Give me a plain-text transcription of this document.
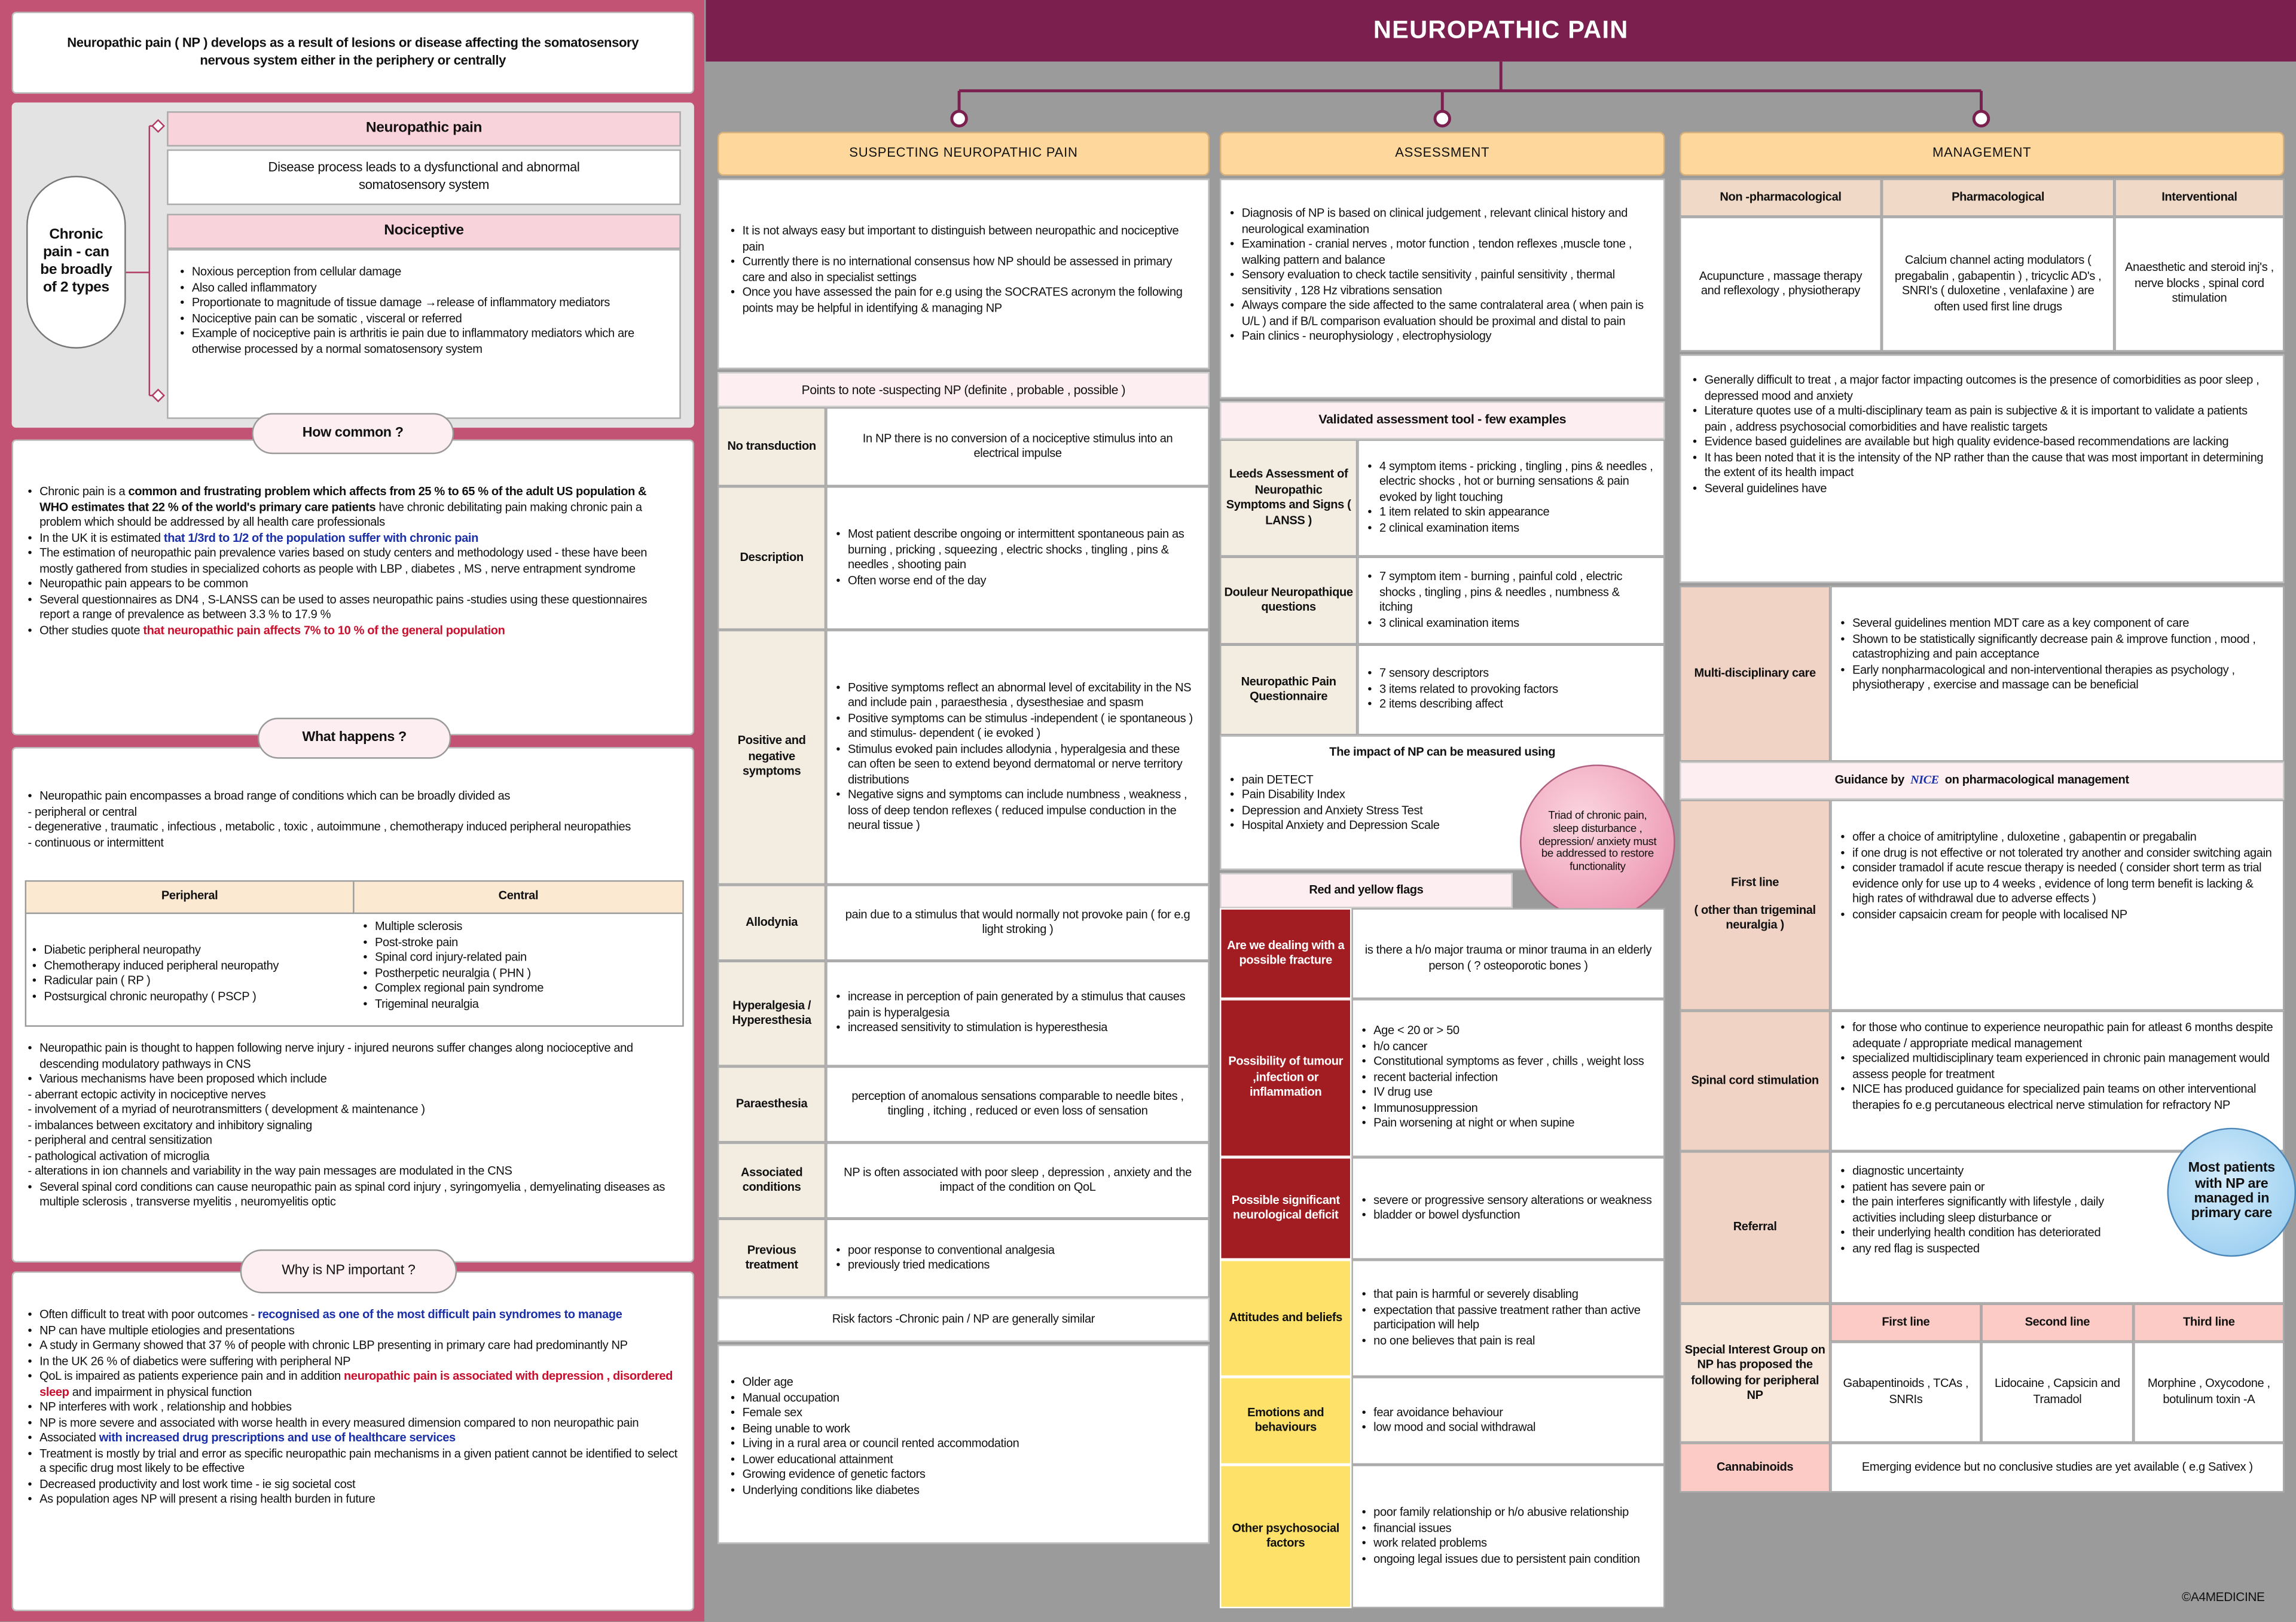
NEUROPATHIC PAIN
Neuropathic pain ( NP ) develops as a result of lesions or disease affecting the somatosensory nervous system either in the periphery or centrally
Chronic pain - can be broadly of 2 types
Neuropathic pain
Disease process leads to a dysfunctional and abnormal somatosensory system
Nociceptive
• Noxious perception from cellular damage
• Also called inflammatory
• Proportionate to magnitude of tissue damage →release of inflammatory mediators
• Nociceptive pain can be somatic , visceral or referred
• Example of nociceptive pain is arthritis ie pain due to inflammatory mediators which are otherwise processed by a normal somatosensory system
• Chronic pain is a common and frustrating problem which affects from 25 % to 65 % of the adult US population & WHO estimates that 22 % of the world's primary care patients have chronic debilitating pain making chronic pain a problem which should be addressed by all health care professionals
• In the UK it is estimated that 1/3rd to 1/2 of the population suffer with chronic pain
• The estimation of neuropathic pain prevalence varies based on study centers and methodology used - these have been mostly gathered from studies in specialized cohorts as people with LBP , diabetes , MS , nerve entrapment syndrome
• Neuropathic pain appears to be common
• Several questionnaires as DN4 , S-LANSS can be used to asses neuropathic pains -studies using these questionnaires report a range of prevalence as between 3.3 % to 17.9 %
• Other studies quote that neuropathic pain affects 7% to 10 % of the general population
How common ?
• Neuropathic pain encompasses a broad range of conditions which can be broadly divided as
- peripheral or central
- degenerative , traumatic , infectious , metabolic , toxic , autoimmune , chemotherapy induced peripheral neuropathies
- continuous or intermittent
Peripheral	Central
• Diabetic peripheral neuropathy
• Chemotherapy induced peripheral neuropathy
• Radicular pain ( RP )
• Postsurgical chronic neuropathy ( PSCP )
• Multiple sclerosis
• Post-stroke pain
• Spinal cord injury-related pain
• Postherpetic neuralgia ( PHN )
• Complex regional pain syndrome
• Trigeminal neuralgia
• Neuropathic pain is thought to happen following nerve injury - injured neurons suffer changes along nocioceptive and descending modulatory pathways in CNS
• Various mechanisms have been proposed which include
- aberrant ectopic activity in nociceptive nerves
- involvement of a myriad of neurotransmitters ( development & maintenance )
- imbalances between excitatory and inhibitory signaling
- peripheral and central sensitization
- pathological activation of microglia
- alterations in ion channels and variability in the way pain messages are modulated in the CNS
• Several spinal cord conditions can cause neuropathic pain as spinal cord injury , syringomyelia , demyelinating diseases as multiple sclerosis , transverse myelitis , neuromyelitis optic
What happens ?
• Often difficult to treat with poor outcomes - recognised as one of the most difficult pain syndromes to manage
• NP can have multiple etiologies and presentations
• A study in Germany showed that 37 % of people with chronic LBP presenting in primary care had predominantly NP
• In the UK 26 % of diabetics were suffering with peripheral NP
• QoL is impaired as patients experience pain and in addition neuropathic pain is associated with depression , disordered sleep and impairment in physical function
• NP interferes with work , relationship and hobbies
• NP is more severe and associated with worse health in every measured dimension compared to non neuropathic pain
• Associated with increased drug prescriptions and use of healthcare services
• Treatment is mostly by trial and error as specific neuropathic pain mechanisms in a given patient cannot be identified to select a specific drug most likely to be effective
• Decreased productivity and lost work time - ie sig societal cost
• As population ages NP will present a rising health burden in future
Why is NP important ?
SUSPECTING NEUROPATHIC PAIN
• It is not always easy but important to distinguish between neuropathic and nociceptive pain
• Currently there is no international consensus how NP should be assessed in primary care and also in specialist settings
• Once you have assessed the pain for e.g using the SOCRATES acronym the following points may be helpful in identifying & managing NP
Points to note -suspecting NP (definite , probable , possible )
Risk factors -Chronic pain / NP are generally similar
• Older age
• Manual occupation
• Female sex
• Being unable to work
• Living in a rural area or council rented accommodation
• Lower educational attainment
• Growing evidence of genetic factors
• Underlying conditions like diabetes
ASSESSMENT
• Diagnosis of NP is based on clinical judgement , relevant clinical history and neurological examination
• Examination - cranial nerves , motor function , tendon reflexes ,muscle tone , walking pattern and balance
• Sensory evaluation to check tactile sensitivity , painful sensitivity , thermal sensitivity , 128 Hz vibrations sensation
• Always compare the side affected to the same contralateral area ( when pain is U/L ) and if B/L comparison evaluation should be proximal and distal to pain
• Pain clinics - neurophysiology , electrophysiology
Validated assessment tool - few examples
The impact of NP can be measured using
• pain DETECT
• Pain Disability Index
• Depression and Anxiety Stress Test
• Hospital Anxiety and Depression Scale
Triad of chronic pain, sleep disturbance , depression/ anxiety must be addressed to restore functionality
Red and yellow flags
MANAGEMENT
• Generally difficult to treat , a major factor impacting outcomes is the presence of comorbidities as poor sleep , depressed mood and anxiety
• Literature quotes use of a multi-disciplinary team as pain is subjective & it is important to validate a patients pain , address psychosocial comorbidities and have realistic targets
• Evidence based guidelines are available but high quality evidence-based recommendations are lacking
• It has been noted that it is the intensity of the NP rather than the cause that was most important in determining the extent of its health impact
• Several guidelines have
Multi-disciplinary care
• Several guidelines mention MDT care as a key component of care
• Shown to be statistically significantly decrease pain & improve function , mood , catastrophizing and pain acceptance
• Early nonpharmacological and non-interventional therapies as psychology , physiotherapy , exercise and massage can be beneficial
Guidance by NICE on pharmacological management
First line
( other than trigeminal neuralgia )
• offer a choice of amitriptyline , duloxetine , gabapentin or pregabalin
• if one drug is not effective or not tolerated try another and consider switching again
• consider tramadol if acute rescue therapy is needed ( consider short term as trial evidence only for use up to 4 weeks , evidence of long term benefit is lacking & high rates of withdrawal due to adverse effects )
• consider capsaicin cream for people with localised NP
Spinal cord stimulation
• for those who continue to experience neuropathic pain for atleast 6 months despite adequate / appropriate medical management
• specialized multidisciplinary team experienced in chronic pain management would assess people for treatment
• NICE has produced guidance for specialized pain teams on other interventional therapies fo e.g percutaneous electrical nerve stimulation for refractory NP
Referral
• diagnostic uncertainty
• patient has severe pain or
• the pain interferes significantly with lifestyle , daily activities including sleep disturbance or
• their underlying health condition has deteriorated
• any red flag is suspected
Most patients with NP are managed in primary care
Special Interest Group on NP has proposed the following for peripheral NP
Cannabinoids	Emerging evidence but no conclusive studies are yet available ( e.g Sativex )
©A4MEDICINE
No transduction
In NP there is no conversion of a nociceptive stimulus into an electrical impulse
Description
• Most patient describe ongoing or intermittent spontaneous pain as burning , pricking , squeezing , electric shocks , tingling , pins & needles , shooting pain
• Often worse end of the day
Positive and negative symptoms
• Positive symptoms reflect an abnormal level of excitability in the NS and include pain , paraesthesia , dysesthesiae and spasm
• Positive symptoms can be stimulus -independent ( ie spontaneous ) and stimulus- dependent ( ie evoked )
• Stimulus evoked pain includes allodynia , hyperalgesia and these can often be seen to extend beyond dermatomal or nerve territory distributions
• Negative signs and symptoms can include numbness , weakness , loss of deep tendon reflexes ( reduced impulse conduction in the neural tissue )
Allodynia
pain due to a stimulus that would normally not provoke pain ( for e.g light stroking )
Hyperalgesia / Hyperesthesia
• increase in perception of pain generated by a stimulus that causes pain is hyperalgesia
• increased sensitivity to stimulation is hyperesthesia
Paraesthesia
perception of anomalous sensations comparable to needle bites , tingling , itching , reduced or even loss of sensation
Associated conditions
NP is often associated with poor sleep , depression , anxiety and the impact of the condition on QoL
Previous treatment
• poor response to conventional analgesia
• previously tried medications
Leeds Assessment of Neuropathic Symptoms and Signs ( LANSS )
• 4 symptom items - pricking , tingling , pins & needles , electric shocks , hot or burning sensations & pain evoked by light touching
• 1 item related to skin appearance
• 2 clinical examination items
Douleur Neuropathique questions
• 7 symptom item - burning , painful cold , electric shocks , tingling , pins & needles , numbness & itching
• 3 clinical examination items
Neuropathic Pain Questionnaire
• 7 sensory descriptors
• 3 items related to provoking factors
• 2 items describing affect
Are we dealing with a possible fracture
is there a h/o major trauma or minor trauma in an elderly person ( ? osteoporotic bones )
Possibility of tumour ,infection or inflammation
• Age < 20 or > 50
• h/o cancer
• Constitutional symptoms as fever , chills , weight loss
• recent bacterial infection
• IV drug use
• Immunosuppression
• Pain worsening at night or when supine
Possible significant neurological deficit
• severe or progressive sensory alterations or weakness
• bladder or bowel dysfunction
Attitudes and beliefs
• that pain is harmful or severely disabling
• expectation that passive treatment rather than active participation will help
• no one believes that pain is real
Emotions and behaviours
• fear avoidance behaviour
• low mood and social withdrawal
Other psychosocial factors
• poor family relationship or h/o abusive relationship
• financial issues
• work related problems
• ongoing legal issues due to persistent pain condition
Non -pharmacological
Acupuncture , massage therapy and reflexology , physiotherapy
Pharmacological
Calcium channel acting modulators ( pregabalin , gabapentin ) , tricyclic AD's , SNRI's ( duloxetine , venlafaxine ) are often used first line drugs
Interventional
Anaesthetic and steroid inj's , nerve blocks , spinal cord stimulation
First line
Gabapentinoids , TCAs , SNRIs
Second line
Lidocaine , Capsicin and Tramadol
Third line
Morphine , Oxycodone , botulinum toxin -A
